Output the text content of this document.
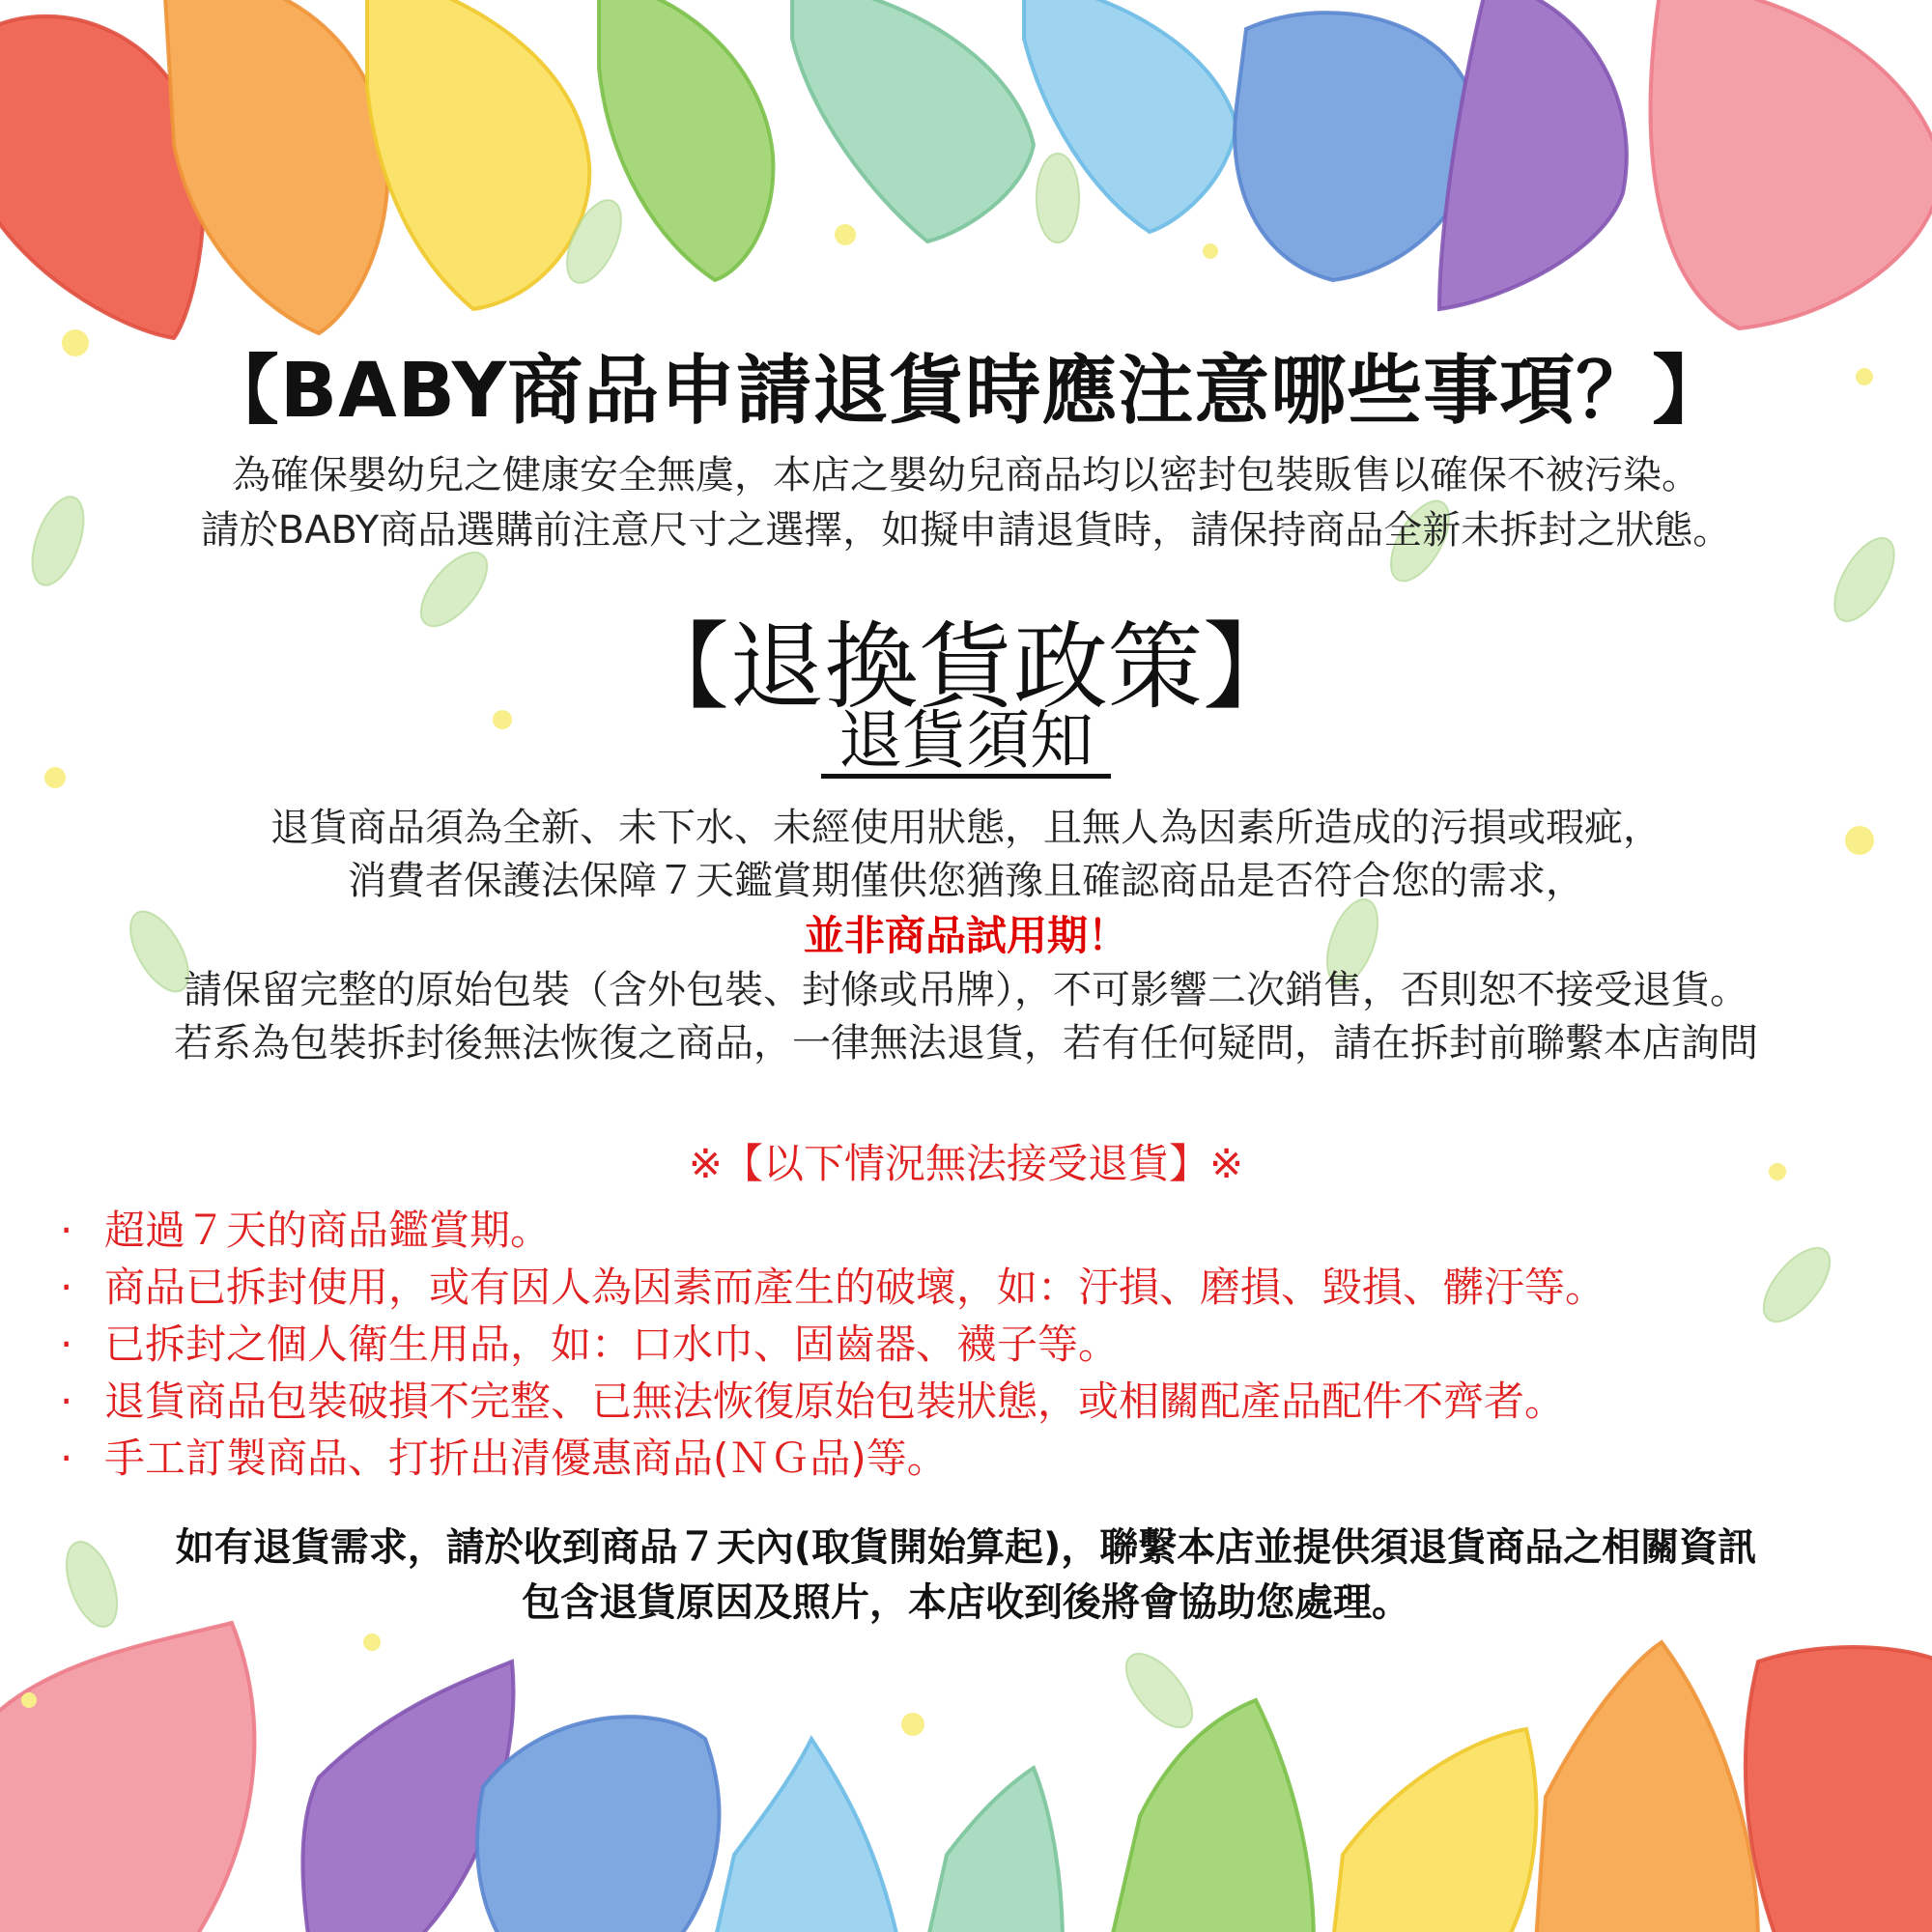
【BABY商品申請退貨時應注意哪些事項？】
為確保嬰幼兒之健康安全無虞，本店之嬰幼兒商品均以密封包裝販售以確保不被污染。
請於BABY商品選購前注意尺寸之選擇，如擬申請退貨時，請保持商品全新未拆封之狀態。
【退換貨政策】
退貨須知
退貨商品須為全新、未下水、未經使用狀態，且無人為因素所造成的污損或瑕疵，
消費者保護法保障７天鑑賞期僅供您猶豫且確認商品是否符合您的需求，
並非商品試用期！
請保留完整的原始包裝（含外包裝、封條或吊牌），不可影響二次銷售，否則恕不接受退貨。
若系為包裝拆封後無法恢復之商品，一律無法退貨，若有任何疑問，請在拆封前聯繫本店詢問
※【以下情況無法接受退貨】※
· 超過７天的商品鑑賞期。
· 商品已拆封使用，或有因人為因素而產生的破壞，如：汙損、磨損、毀損、髒汙等。
· 已拆封之個人衛生用品，如：口水巾、固齒器、襪子等。
· 退貨商品包裝破損不完整、已無法恢復原始包裝狀態，或相關配產品配件不齊者。
· 手工訂製商品、打折出清優惠商品(ＮＧ品)等。
如有退貨需求，請於收到商品７天內(取貨開始算起)，聯繫本店並提供須退貨商品之相關資訊
包含退貨原因及照片，本店收到後將會協助您處理。
